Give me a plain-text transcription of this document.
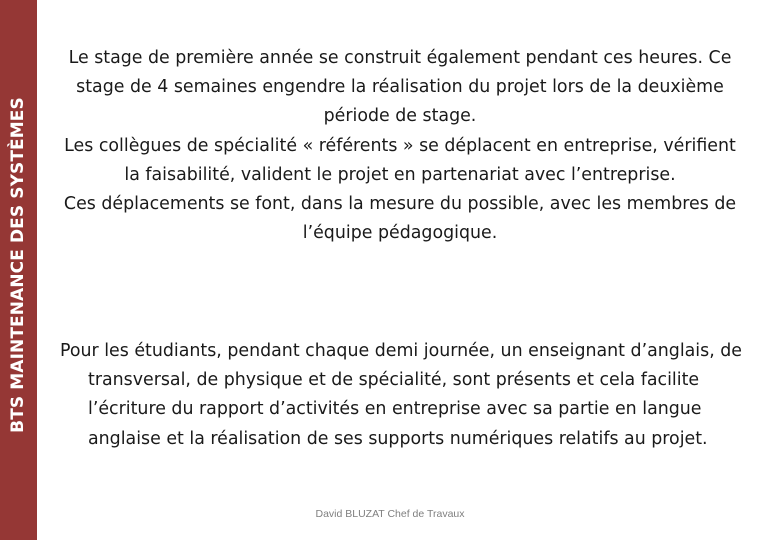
BTS MAINTENANCE DES SYSTÈMES

Le stage de première année se construit également pendant ces heures. Ce stage de 4 semaines engendre la réalisation du projet lors de la deuxième période de stage.

Les collègues de spécialité « référents » se déplacent en entreprise, vérifient la faisabilité, valident le projet en partenariat avec l’entreprise.

Ces déplacements se font, dans la mesure du possible, avec les membres de l’équipe pédagogique.

Pour les étudiants, pendant chaque demi journée, un enseignant d’anglais, de transversal, de physique et de spécialité, sont présents et cela facilite l’écriture du rapport d’activités en entreprise avec sa partie en langue anglaise et la réalisation de ses supports numériques relatifs au projet.

David BLUZAT Chef de Travaux
